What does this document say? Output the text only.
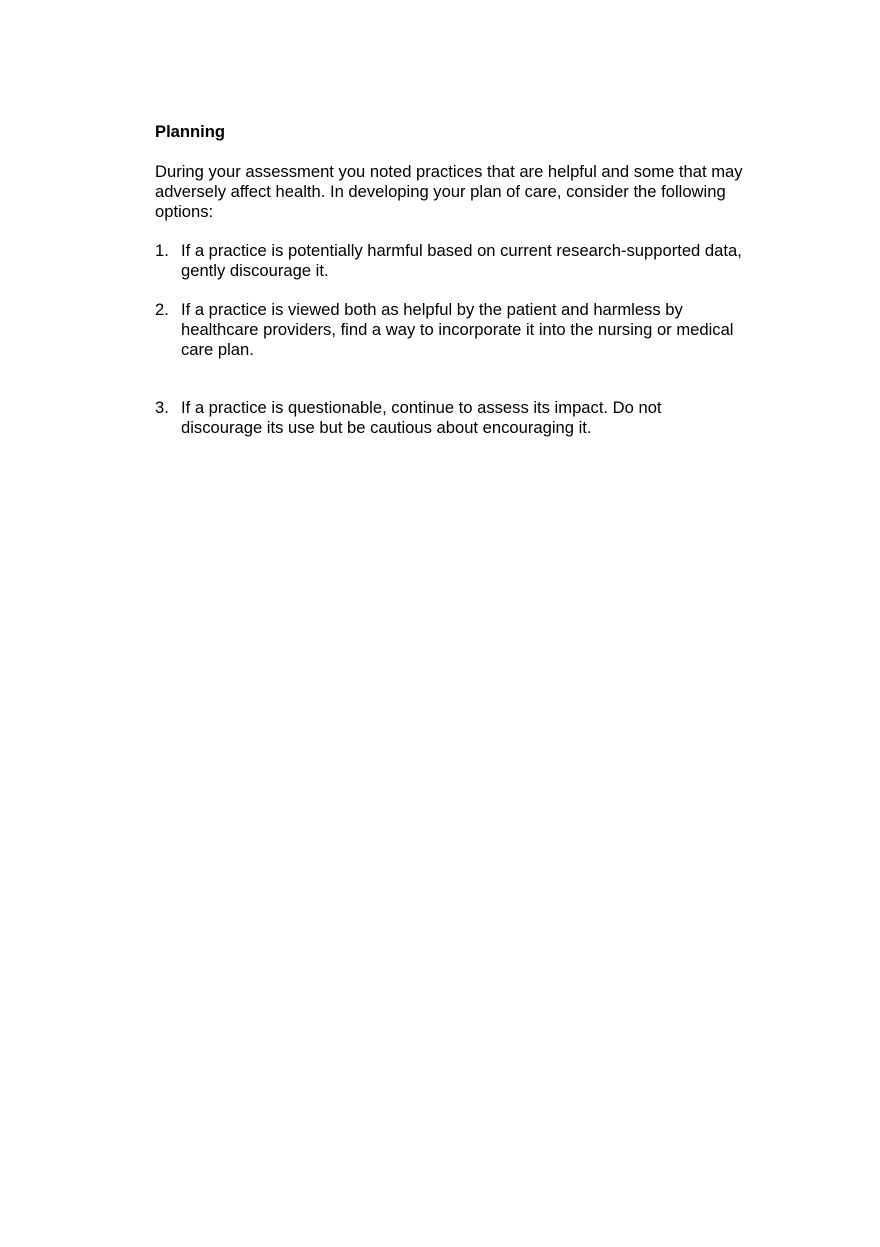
Planning

During your assessment you noted practices that are helpful and some that may adversely affect health. In developing your plan of care, consider the following options:

1. If a practice is potentially harmful based on current research-supported data, gently discourage it.
2. If a practice is viewed both as helpful by the patient and harmless by healthcare providers, find a way to incorporate it into the nursing or medical care plan.
3. If a practice is questionable, continue to assess its impact. Do not discourage its use but be cautious about encouraging it.
